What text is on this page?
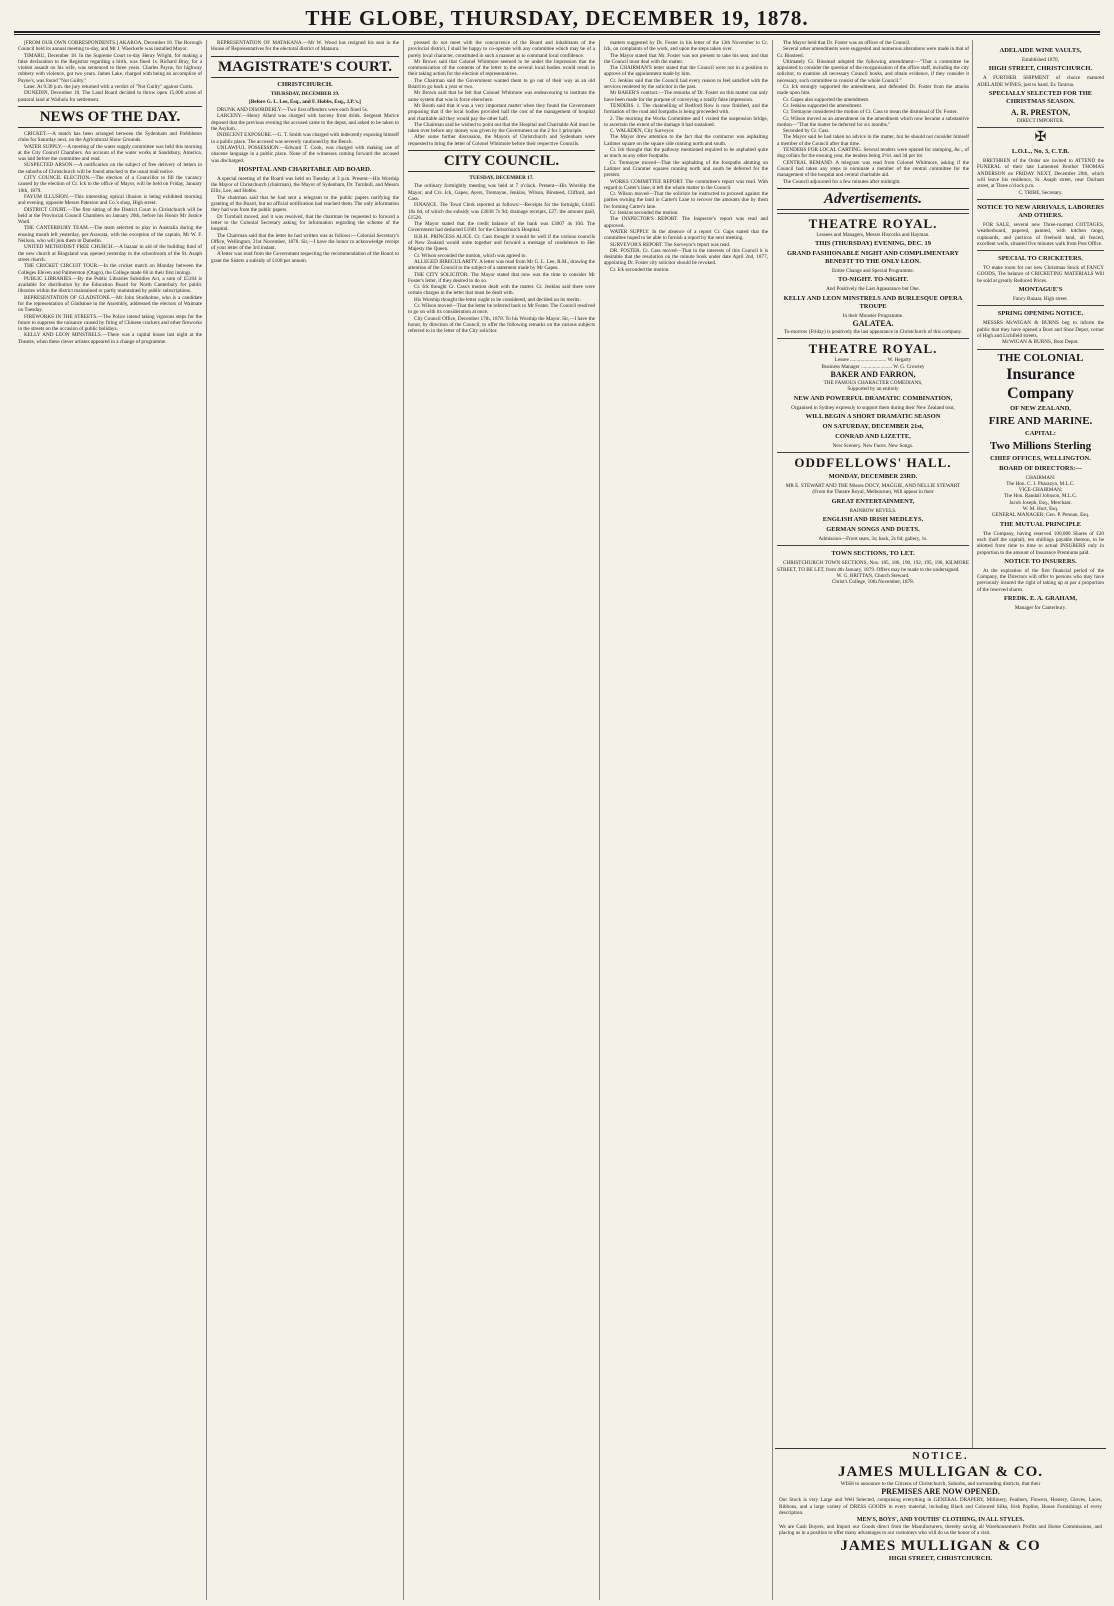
THE GLOBE, THURSDAY, DECEMBER 19, 1878.

[FROM OUR OWN CORRESPONDENTS.] AKAROA, December 18. The Borough Council held its annual meeting to-day, and Mr J. Waeckerle was installed Mayor.

TIMARU, December 18. In the Supreme Court to-day Henry Wright, for making a false declaration to the Registrar regarding a birth, was fined 1s. Richard Bray, for a violent assault on his wife, was sentenced to three years. Charles Payne, for highway robbery with violence, got two years. James Lake, charged with being an accomplice of Payne's, was found "Not Guilty."

Later. At 9.30 p.m. the jury returned with a verdict of "Not Guilty" against Curtis.

DUNEDIN, December 18. The Land Board decided to throw open 15,000 acres of pastoral land at Waihola for settlement.

NEWS OF THE DAY.

CRICKET.—A match has been arranged between the Sydenham and Frebbleton clubs for Saturday next, on the Agricultural Show Grounds.

WATER SUPPLY.—A meeting of the water supply committee was held this morning at the City Council Chambers. An account of the water works at Sandsbury, America, was laid before the committee and read.

SUSPECTED ARSON.—A notification on the subject of free delivery of letters in the suburbs of Christchurch will be found attached to the usual mail notice.

CITY COUNCIL ELECTION.—The election of a Councillor to fill the vacancy caused by the election of Cr. Ick to the office of Mayor, will be held on Friday, January 10th, 1879.

FAYUM ILLUSION.—This interesting optical illusion is being exhibited morning and evening, opposite Messrs Paterson and Co.'s shop, High street.

DISTRICT COURT.—The first sitting of the District Court in Christchurch will be held at the Provincial Council Chambers on January 20th, before his Honor Mr Justice Ward.

THE CANTERBURY TEAM.—The team selected to play in Australia during the ensuing month left yesterday, per Arawata, with the exception of the captain, Mr W. F. Neilson, who will join them in Dunedin.

UNITED METHODIST FREE CHURCH.—A bazaar in aid of the building fund of the new church at Bingsland was opened yesterday in the schoolroom of the St. Asaph street church.

THE CRICKET CIRCUIT TOUR.—In the cricket match on Monday between the Colleges Eleven and Palmerston (Otago), the College made 68 in their first innings.

PUBLIC LIBRARIES.—By the Public Libraries Subsidies Act, a sum of £5184 is available for distribution by the Education Board for North Canterbury for public libraries within the district maintained or partly maintained by public subscriptions.

REPRESENTATION OF GLADSTONE.—Mr John Studholme, who is a candidate for the representation of Gladstone in the Assembly, addressed the electors of Waimate on Tuesday.

FIREWORKS IN THE STREETS.—The Police intend taking vigorous steps for the future to suppress the nuisance caused by firing of Chinese crackers and other fireworks in the streets on the occasion of public holidays.

KELLY AND LEON MINSTRELS.—There was a capital house last night at the Theatre, when these clever artistes appeared in a change of programme.

REPRESENTATION OF MATAKANA.—Mr W. Wood has resigned his seat in the House of Representatives for the electoral district of Mataura.

MAGISTRATE'S COURT.
CHRISTCHURCH.
THURSDAY, DECEMBER 19.
[Before G. L. Lee, Esq., and F. Hobbs, Esq., J.P.'s.]

DRUNK AND DISORDERLY.—Two first offenders were each fined 5s.

LARCENY.—Henry Allard was charged with larceny from drink. Sergeant Morice deposed that the previous evening the accused came to the depot, and asked to be taken to the Asylum.

INDECENT EXPOSURE.—G. T. Smith was charged with indecently exposing himself in a public place. The accused was severely cautioned by the Bench.

UNLAWFUL POSSESSION.—Edward T. Cook, was charged with making use of obscene language in a public place. None of the witnesses coming forward the accused was discharged.

HOSPITAL AND CHARITABLE AID BOARD.

A special meeting of the Board was held on Tuesday at 3 p.m. Present—His Worship the Mayor of Christchurch (chairman), the Mayor of Sydenham, Dr. Turnbull, and Messrs Ellis, Lee, and Hobbs.

The chairman said that he had sent a telegram to the public papers notifying the granting of the Board, but no official notification had reached them. The only information they had was from the public papers.

Dr Turnbull moved, and it was resolved, that the chairman be requested to forward a letter to the Colonial Secretary asking for information regarding the scheme of the hospital.

The Chairman said that the letter he had written was as follows:—Colonial Secretary's Office, Wellington, 21st November, 1878. Sir,—I have the honor to acknowledge receipt of your letter of the 3rd instant.

A letter was read from the Government respecting the recommendation of the Board to grant the Sisters a subsidy of £100 per annum.

pressed do not meet with the concurrence of the Board and inhabitants of the provincial district, I shall be happy to co-operate with any committee which may be of a purely local character, constituted in such a manner as to command local confidence.

Mr Brown said that Colonel Whitmore seemed to be under the impression that the communication of the contents of the letter to the several local bodies would result in their taking action for the election of representatives.

The Chairman said the Government wanted them to go out of their way as an old Board to go back a year or two.

Mr Brown said that he felt that Colonel Whitmore was endeavouring to institute the same system that was in force elsewhere.

Mr Booth said that it was a very important matter when they found the Government proposing that if the local bodies provided half the cost of the management of hospital and charitable aid they would pay the other half.

The Chairman said he wished to point out that the Hospital and Charitable Aid must be taken over before any money was given by the Government on the 2 for 1 principle.

After some further discussion, the Mayors of Christchurch and Sydenham were requested to bring the letter of Colonel Whitmore before their respective Councils.

CITY COUNCIL.
TUESDAY, DECEMBER 17.

The ordinary fortnightly meeting was held at 7 o'clock. Present—His Worship the Mayor, and Crs. Ick, Gapes, Ayers, Tremayne, Jenkins, Wilson, Binsteed, Clifford, and Cass.

FINANCE. The Town Clerk reported as follows:—Receipts for the fortnight, £4445 16s 6d, of which the subsidy was £3038 7s 9d; drainage receipts, £27; the amount paid, £1526.

The Mayor stated that the credit balance of the bank was £3007 4s 10d. The Government had deducted £1681 for the Christchurch Hospital.

H.R.H. PRINCESS ALICE. Cr. Cass thought it would be well if the various councils of New Zealand would unite together and forward a message of condolence to Her Majesty the Queen.

Cr. Wilson seconded the motion, which was agreed to.

ALLEGED IRREGULARITY. A letter was read from Mr G. L. Lee, R.M., drawing the attention of the Council to the subject of a statement made by Mr Gapes.

THE CITY SOLICITOR. The Mayor stated that now was the time to consider Mr Foster's letter, if they desired to do so.

Cr. Ick thought Cr. Cass's motion dealt with the matter. Cr. Jenkins said there were certain charges in the letter that must be dealt with.

His Worship thought the letter ought to be considered, and decided on its merits.

Cr. Wilson moved—That the letter be referred back to Mr Foster. The Council resolved to go on with its consideration at once.

City Council Office, December 17th, 1878. To his Worship the Mayor. Sir,—I have the honor, by direction of the Council, to offer the following remarks on the various subjects referred to in the letter of the City solicitor.

matters suggested by Dr. Foster in his letter of the 13th November to Cr. Ick, on complaints of the work, and upon the steps taken over.

The Mayor stated that Mr. Foster was not present to take his seat, and that the Council must deal with the matter.

The CHAIRMAN'S letter stated that the Council were not in a position to approve of the appointment made by him.

Cr. Jenkins said that the Council had every reason to feel satisfied with the services rendered by the solicitor in the past.

Mr BAKER'S contract.—The remarks of Dr. Foster on this matter can only have been made for the purpose of conveying a totally false impression.

TENDERS. 1. The channelling of Bedford Row is now finished, and the formation of the road and footpaths is being proceeded with.

2. The morning the Works Committee and I visited the suspension bridge, to ascertain the extent of the damage it had sustained.

C. WALKDEN, City Surveyor.

The Mayor drew attention to the fact that the contractor was asphalting Latimer square on the square side running north and south.

Cr. Ick thought that the pathway mentioned required to be asphalted quite as much as any other footpaths.

Cr. Tremayne moved—That the asphalting of the footpaths abutting on Latimer and Cranmer squares running north and south be deferred for the present.

WORKS COMMITTEE REPORT. The committee's report was read. With regard to Carter's lane, it left the whole matter to the Council.

Cr. Wilson moved—That the solicitor be instructed to proceed against the parties owning the land in Carter's Lane to recover the amounts due by them for forming Carter's lane.

Cr. Jenkins seconded the motion.

The INSPECTOR'S REPORT. The Inspector's report was read and approved.

WATER SUPPLY. In the absence of a report Cr. Gaps stated that the committee hoped to be able to furnish a report by the next meeting.

SURVEYOR'S REPORT. The Surveyor's report was read.

DR. FOSTER. Cr. Cass moved—That in the interests of this Council it is desirable that the resolution on the minute book under date April 2nd, 1877, appointing Dr. Foster city solicitor should be revoked.

Cr. Ick seconded the motion.

The Mayor held that Dr. Foster was an officer of the Council.

Several other amendments were suggested and numerous alterations were made in that of Cr. Binsteed.

Ultimately Cr. Binstead adopted the following amendment:—"That a committee be appointed to consider the question of the reorganisation of the office staff, including the city solicitor, to examine all necessary Council books, and obtain evidence, if they consider it necessary, such committee to consist of the whole Council."

Cr. Ick strongly supported the amendment, and defended Dr. Foster from the attacks made upon him.

Cr. Gapes also supported the amendment.

Cr. Jenkins supported the amendment.

Cr. Tremayne considered the motion of Cr. Cass to mean the dismissal of Dr. Foster.

Cr. Wilson moved as an amendment on the amendment which now became a substantive motion—"That the matter be deferred for six months."

Seconded by Cr. Cass.

The Mayor said he had taken no advice in the matter, but he should not consider himself a member of the Council after that time.

TENDERS FOR LOCAL CARTING. Several tenders were opened for stamping, &c., of dog collars for the ensuing year, the tenders being 2½d. and 3d per lot.

CENTRAL REMAND. A telegram was read from Colonel Whitmore, asking if the Council had taken any steps to nominate a member of the central committee for the management of the hospital and central charitable aid.

The Council adjourned for a few minutes after midnight.

Advertisements.
THEATRE ROYAL.
Lessees and Managers, Messrs Hiscocks and Hayman.
THIS (THURSDAY) EVENING, DEC. 19
GRAND FASHIONABLE NIGHT AND COMPLIMENTARY BENEFIT TO THE ONLY LEON.
Entire Change and Special Programme.
TO-NIGHT. TO-NIGHT.
And Positively the Last Appearance but One.
KELLY AND LEON MINSTRELS AND BURLESQUE OPERA TROUPE
In their Monster Programme.
GALATEA.
To-morrow (Friday) is positively the last appearance in Christchurch of this company.
THEATRE ROYAL.
Lessee ............................ W. Hegarty
Business Manager ........................ W. G. Crowley
BAKER AND FARRON,
THE FAMOUS CHARACTER COMEDIANS,
Supported by an entirely
NEW AND POWERFUL DRAMATIC COMBINATION,
Organised in Sydney expressly to support them during their New Zealand tour,
WILL BEGIN A SHORT DRAMATIC SEASON
ON SATURDAY, DECEMBER 21st,
CONRAD AND LIZETTE,
New Scenery. New Faces. New Songs.
ODDFELLOWS' HALL.
MONDAY, DECEMBER 23RD.
MR E. STEWART AND THE Misses DOCY, MAGGIE, AND NELLIE STEWART
(From the Theatre Royal, Melbourne), Will appear in their
GREAT ENTERTAINMENT,
RAINBOW REVELS.
ENGLISH AND IRISH MEDLEYS.
GERMAN SONGS AND DUETS.
Admission—Front seats, 3s; back, 2s 6d; gallery, 1s.
TOWN SECTIONS, TO LET.

CHRISTCHURCH TOWN SECTIONS, Nos. 185, 186, 190, 192, 195, 196, KILMORE STREET, TO BE LET, from 4th January, 1879. Offers may be made to the undersigned.

W. G. BRITTAN, Church Steward.
Christ's College, 10th November, 1878.
ADELAIDE WINE VAULTS,
Established 1870,
HIGH STREET, CHRISTCHURCH.

A FURTHER SHIPMENT of choice matured ADELAIDE WINES, just to hand, Ex Tararua.

SPECIALLY SELECTED FOR THE CHRISTMAS SEASON.
A. R. PRESTON,
DIRECT IMPORTER.
✠
L.O.L., No. 3, C.T.B.

BRETHREN of the Order are invited to ATTEND the FUNERAL of their late Lamented Brother THOMAS ANDERSON on FRIDAY NEXT, December 20th, which will leave his residence, St. Asaph street, near Durham street, at Three o'clock p.m.

C. TRIBE, Secretary.
NOTICE TO NEW ARRIVALS, LABORERS AND OTHERS.

FOR SALE, several new Three-roomed COTTAGES, weatherboard, papered, painted, with kitchen range, cupboards, and porticos of freehold land, all fenced, excellent wells, situated five minutes walk from Post Office.

SPECIAL TO CRICKETERS.

TO make room for our new Christmas Stock of FANCY GOODS, The balance of CRICKETING MATERIALS Will be sold at greatly Reduced Prices.

MONTAGUE'S
Fancy Bazaar, High street.
SPRING OPENING NOTICE.

MESSRS McWIGAN & BURNS beg to inform the public that they have opened a Boot and Shoe Depot, corner of High and Lichfield streets.

McWIGAN & BURNS, Boot Depot.
THE COLONIAL
Insurance Company
OF NEW ZEALAND,
FIRE AND MARINE.
CAPITAL:
Two Millions Sterling
CHIEF OFFICES, WELLINGTON.
BOARD OF DIRECTORS:—
CHAIRMAN:
The Hon. C. J. Pharazyn, M.L.C.
VICE-CHAIRMAN:
The Hon. Randall Johnson, M.L.C.
Jacob Joseph, Esq., Merchant.
W. M. Hort, Esq.
GENERAL MANAGER: Geo. P. Pennan, Esq.
THE MUTUAL PRINCIPLE

The Company, having reserved 100,000 Shares of £20 each (half the capital), ten shillings payable thereon, to be allotted from time to time to actual INSURERS only in proportion to the amount of Insurance Premiums paid.

NOTICE TO INSURERS.

At the expiration of the first financial period of the Company, the Directors will offer to persons who may have previously insured the right of taking up at par a proportion of the reserved shares.

FREDK. E. A. GRAHAM,
Manager for Canterbury.
NOTICE.
JAMES MULLIGAN & CO.
WISH to announce to the Citizens of Christchurch, Suburbs, and surrounding districts, that their
PREMISES ARE NOW OPENED.

Our Stock is very Large and Well Selected, comprising everything in GENERAL DRAPERY, Millinery, Feathers, Flowers, Hosiery, Gloves, Laces, Ribbons, and a large variety of DRESS GOODS in every material, including Black and Coloured Silks, Irish Poplins, House Furnishings of every description.

MEN'S, BOYS', AND YOUTHS' CLOTHING, IN ALL STYLES.

We are Cash Buyers, and Import our Goods direct from the Manufacturers, thereby saving all Warehousemen's Profits and Home Commissions, and placing us in a position to offer many advantages to our customers who will do us the honor of a visit.

JAMES MULLIGAN & CO
HIGH STREET, CHRISTCHURCH.
